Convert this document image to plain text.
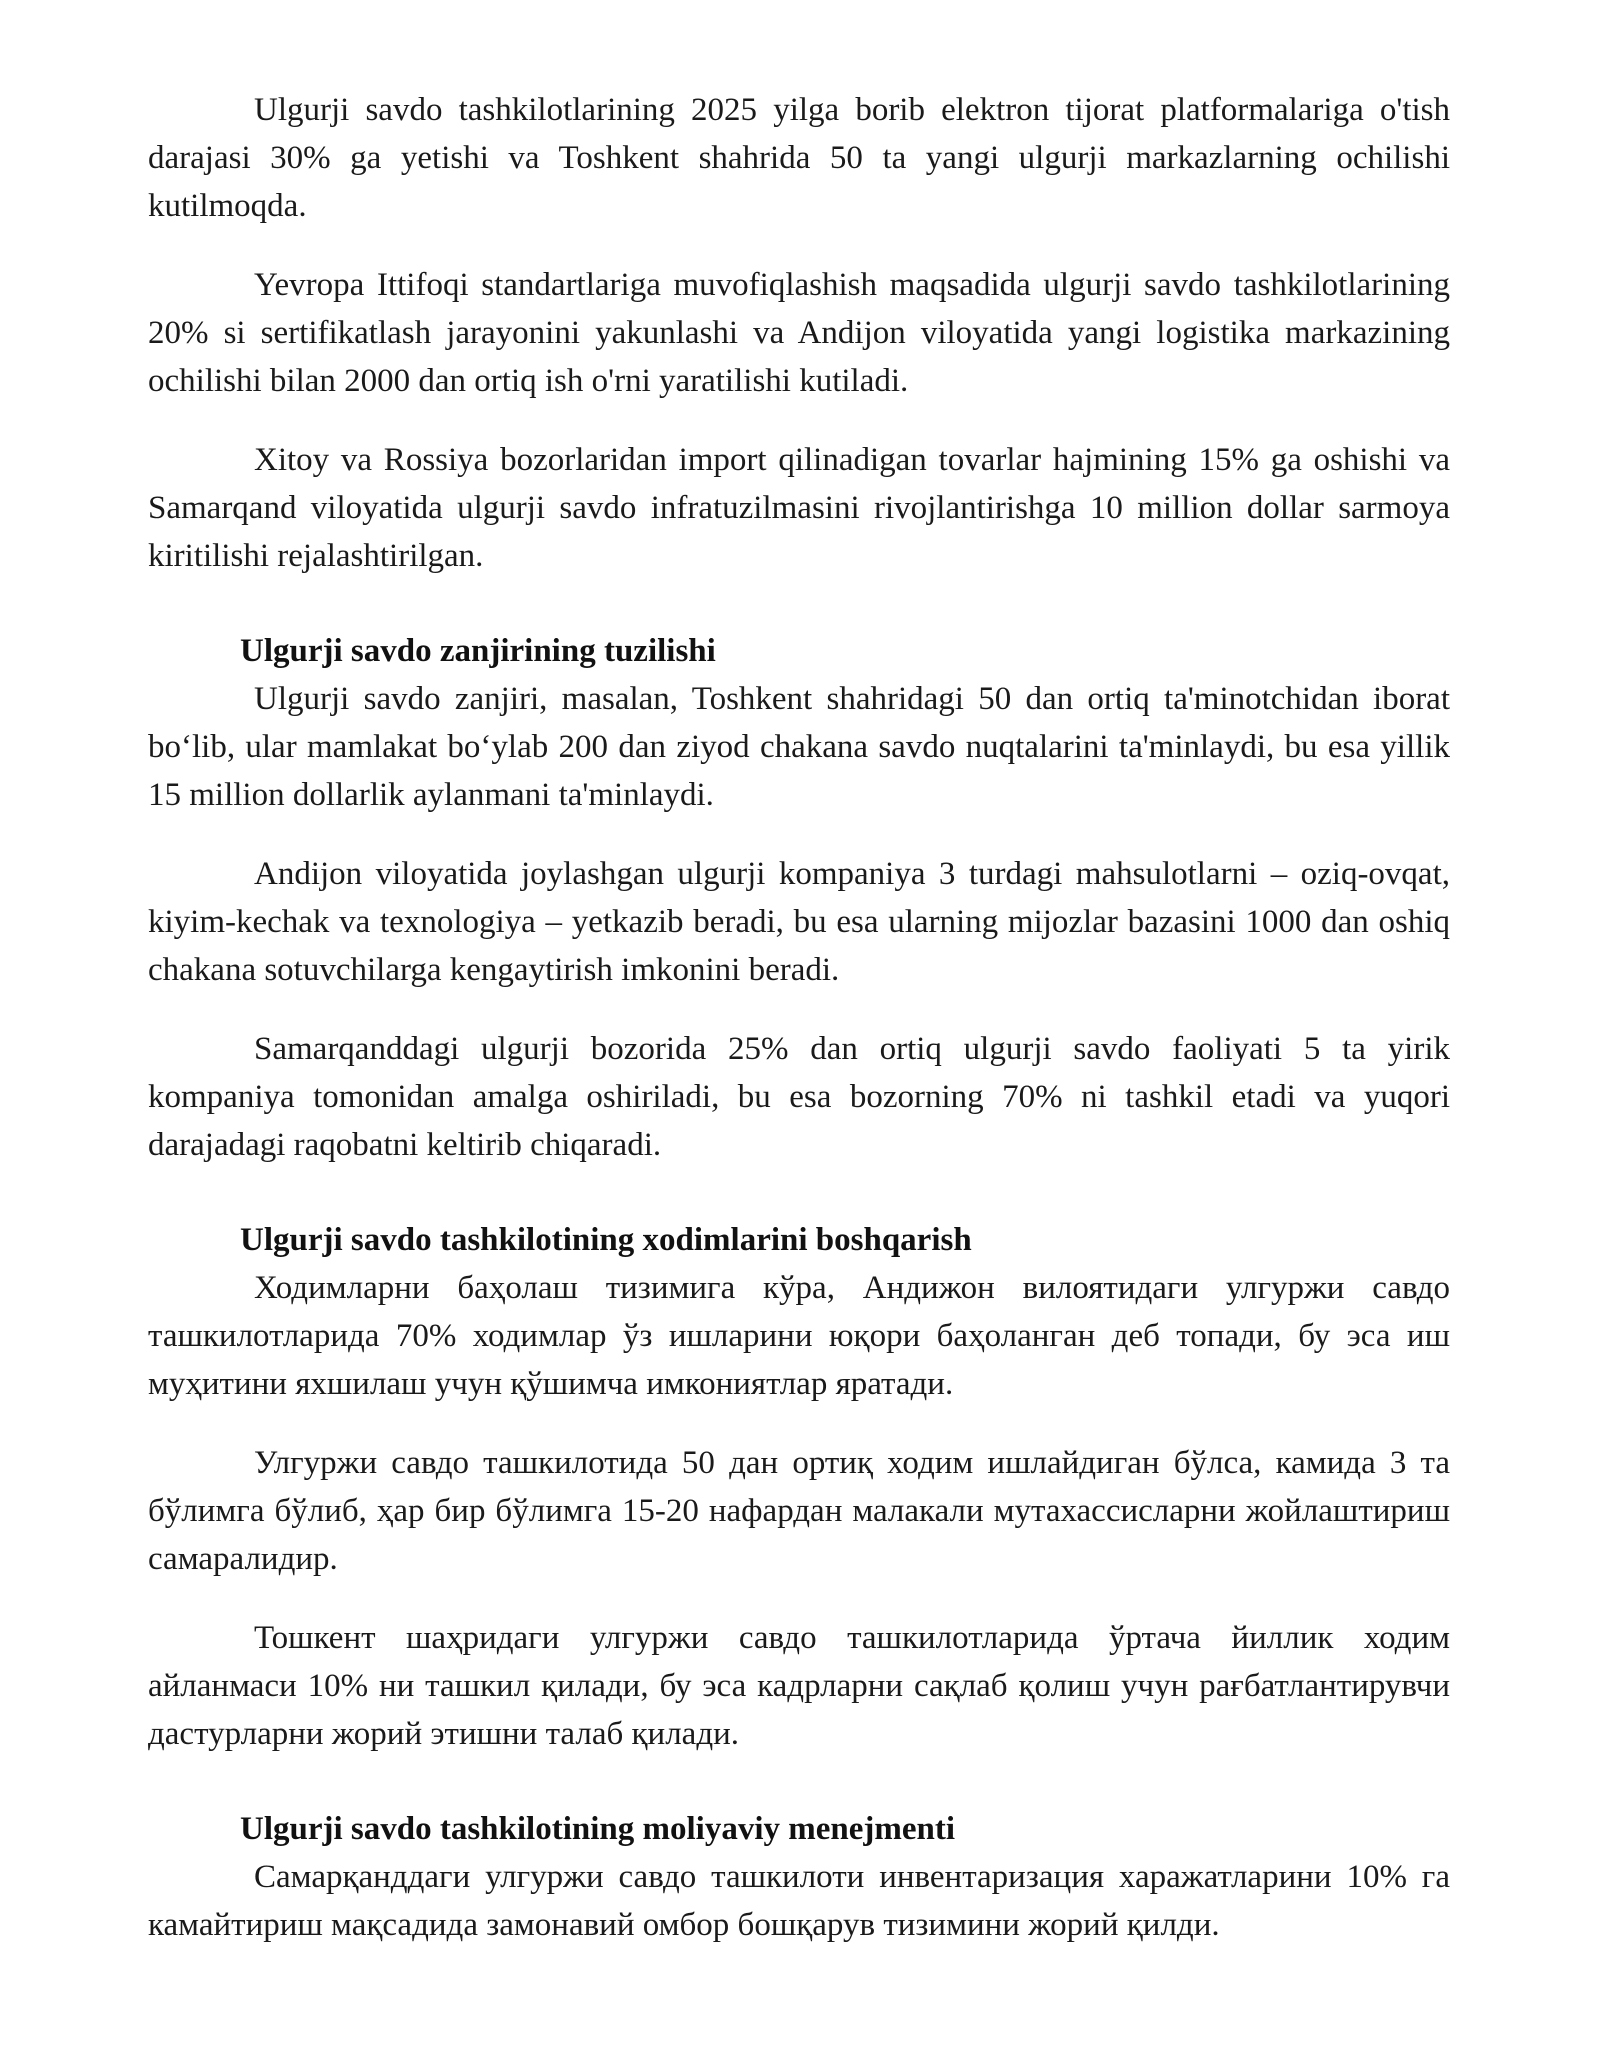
Ulgurji savdo tashkilotlarining 2025 yilga borib elektron tijorat platformalariga o'tish darajasi 30% ga yetishi va Toshkent shahrida 50 ta yangi ulgurji markazlarning ochilishi kutilmoqda.

Yevropa Ittifoqi standartlariga muvofiqlashish maqsadida ulgurji savdo tashkilotlarining 20% si sertifikatlash jarayonini yakunlashi va Andijon viloyatida yangi logistika markazining ochilishi bilan 2000 dan ortiq ish o'rni yaratilishi kutiladi.

Xitoy va Rossiya bozorlaridan import qilinadigan tovarlar hajmining 15% ga oshishi va Samarqand viloyatida ulgurji savdo infratuzilmasini rivojlantirishga 10 million dollar sarmoya kiritilishi rejalashtirilgan.

Ulgurji savdo zanjirining tuzilishi

Ulgurji savdo zanjiri, masalan, Toshkent shahridagi 50 dan ortiq ta'minotchidan iborat boʻlib, ular mamlakat boʻylab 200 dan ziyod chakana savdo nuqtalarini ta'minlaydi, bu esa yillik 15 million dollarlik aylanmani ta'minlaydi.

Andijon viloyatida joylashgan ulgurji kompaniya 3 turdagi mahsulotlarni – oziq-ovqat, kiyim-kechak va texnologiya – yetkazib beradi, bu esa ularning mijozlar bazasini 1000 dan oshiq chakana sotuvchilarga kengaytirish imkonini beradi.

Samarqanddagi ulgurji bozorida 25% dan ortiq ulgurji savdo faoliyati 5 ta yirik kompaniya tomonidan amalga oshiriladi, bu esa bozorning 70% ni tashkil etadi va yuqori darajadagi raqobatni keltirib chiqaradi.

Ulgurji savdo tashkilotining xodimlarini boshqarish

Ходимларни баҳолаш тизимига кўра, Андижон вилоятидаги улгуржи савдо ташкилотларида 70% ходимлар ўз ишларини юқори баҳоланган деб топади, бу эса иш муҳитини яхшилаш учун қўшимча имкониятлар яратади.

Улгуржи савдо ташкилотида 50 дан ортиқ ходим ишлайдиган бўлса, камида 3 та бўлимга бўлиб, ҳар бир бўлимга 15-20 нафардан малакали мутахассисларни жойлаштириш самаралидир.

Тошкент шаҳридаги улгуржи савдо ташкилотларида ўртача йиллик ходим айланмаси 10% ни ташкил қилади, бу эса кадрларни сақлаб қолиш учун рағбатлантирувчи дастурларни жорий этишни талаб қилади.

Ulgurji savdo tashkilotining moliyaviy menejmenti

Самарқанддаги улгуржи савдо ташкилоти инвентаризация харажатларини 10% га камайтириш мақсадида замонавий омбор бошқарув тизимини жорий қилди.
